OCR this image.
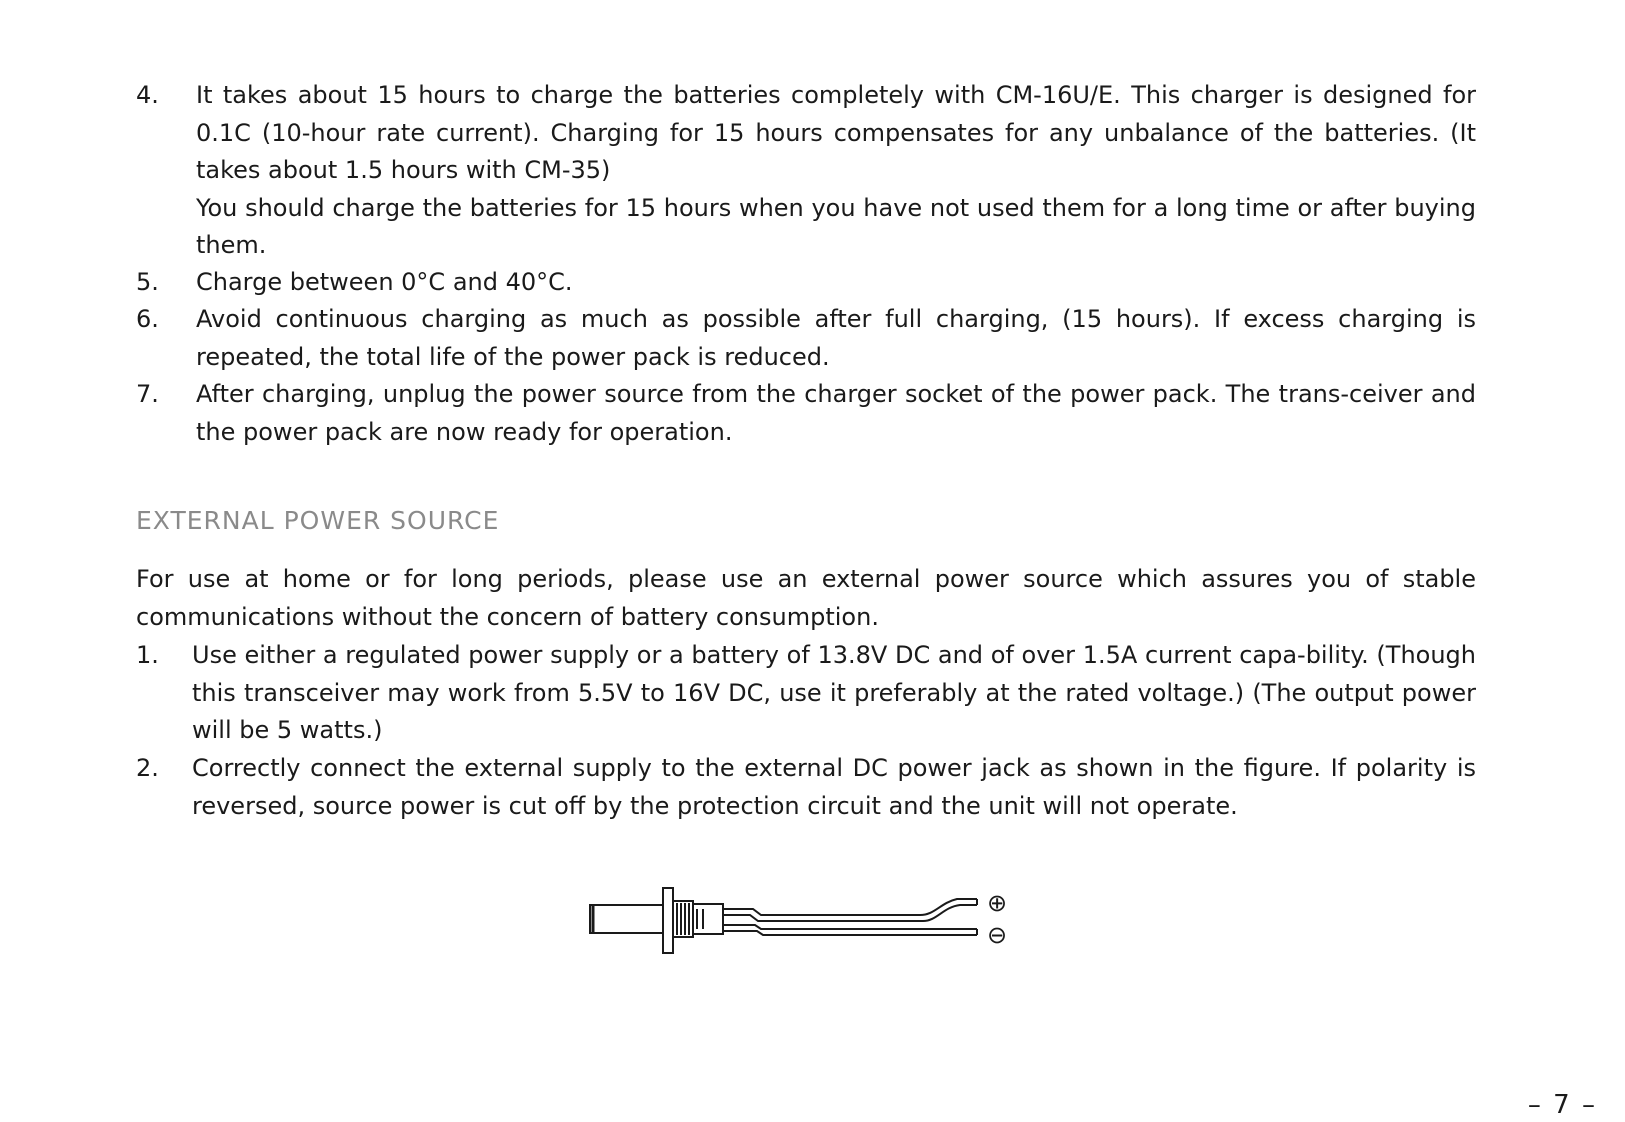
4.	It takes about 15 hours to charge the batteries completely with CM-16U/E. This charger is designed for 0.1C (10-hour rate current). Charging for 15 hours compensates for any unbalance of the batteries. (It takes about 1.5 hours with CM-35)

You should charge the batteries for 15 hours when you have not used them for a long time or after buying them.

5.	Charge between 0°C and 40°C.

6.	Avoid continuous charging as much as possible after full charging, (15 hours). If excess charging is repeated, the total life of the power pack is reduced.

7.	After charging, unplug the power source from the charger socket of the power pack. The trans-ceiver and the power pack are now ready for operation.

EXTERNAL POWER SOURCE

For use at home or for long periods, please use an external power source which assures you of stable communications without the concern of battery consumption.

1.	Use either a regulated power supply or a battery of 13.8V DC and of over 1.5A current capa-bility. (Though this transceiver may work from 5.5V to 16V DC, use it preferably at the rated voltage.) (The output power will be 5 watts.)

2.	Correctly connect the external supply to the external DC power jack as shown in the figure. If polarity is reversed, source power is cut off by the protection circuit and the unit will not operate.

⊕
⊖
– 7 –
